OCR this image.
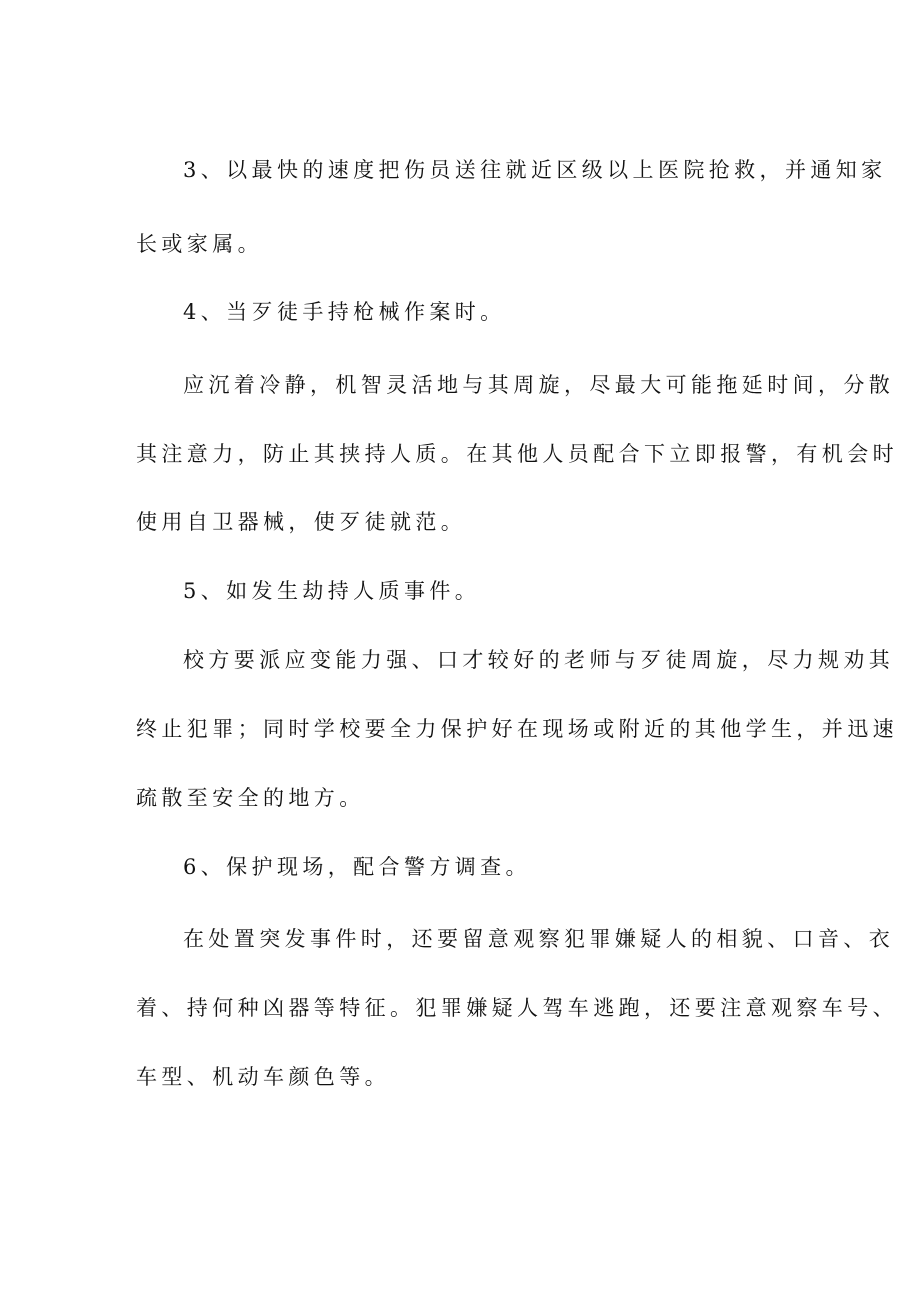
3、以最快的速度把伤员送往就近区级以上医院抢救，并通知家
长或家属。
4、当歹徒手持枪械作案时。
应沉着冷静，机智灵活地与其周旋，尽最大可能拖延时间，分散
其注意力，防止其挟持人质。在其他人员配合下立即报警，有机会时
使用自卫器械，使歹徒就范。
5、如发生劫持人质事件。
校方要派应变能力强、口才较好的老师与歹徒周旋，尽力规劝其
终止犯罪；同时学校要全力保护好在现场或附近的其他学生，并迅速
疏散至安全的地方。
6、保护现场，配合警方调查。
在处置突发事件时，还要留意观察犯罪嫌疑人的相貌、口音、衣
着、持何种凶器等特征。犯罪嫌疑人驾车逃跑，还要注意观察车号、
车型、机动车颜色等。
